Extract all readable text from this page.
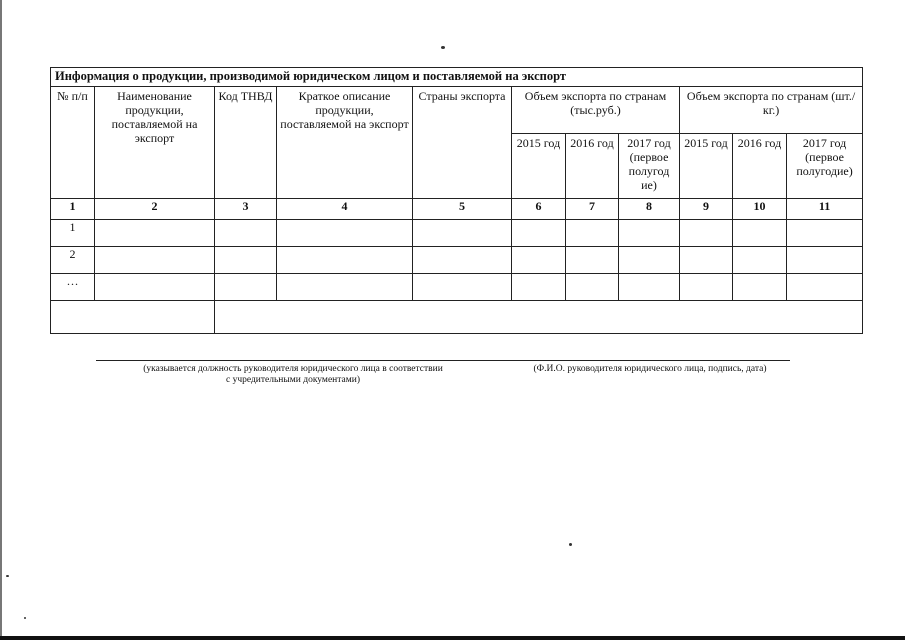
Информация о продукции, производимой юридическом лицом и поставляемой на экспорт										
№ п/п	Наименование продукции, поставляемой на экспорт	Код ТНВД	Краткое описание продукции, поставляемой на экспорт	Страны экспорта	Объем экспорта по странам (тыс.руб.)			Объем экспорта по странам (шт./кг.)		
					2015 год	2016 год	2017 год (первое полугод ие)	2015 год	2016 год	2017 год (первое полугодие)
1	2	3	4	5	6	7	8	9	10	11
1										
2										
…										

(указывается должность руководителя юридического лица в соответствии
с учредительными документами)
(Ф.И.О. руководителя юридического лица, подпись, дата)
